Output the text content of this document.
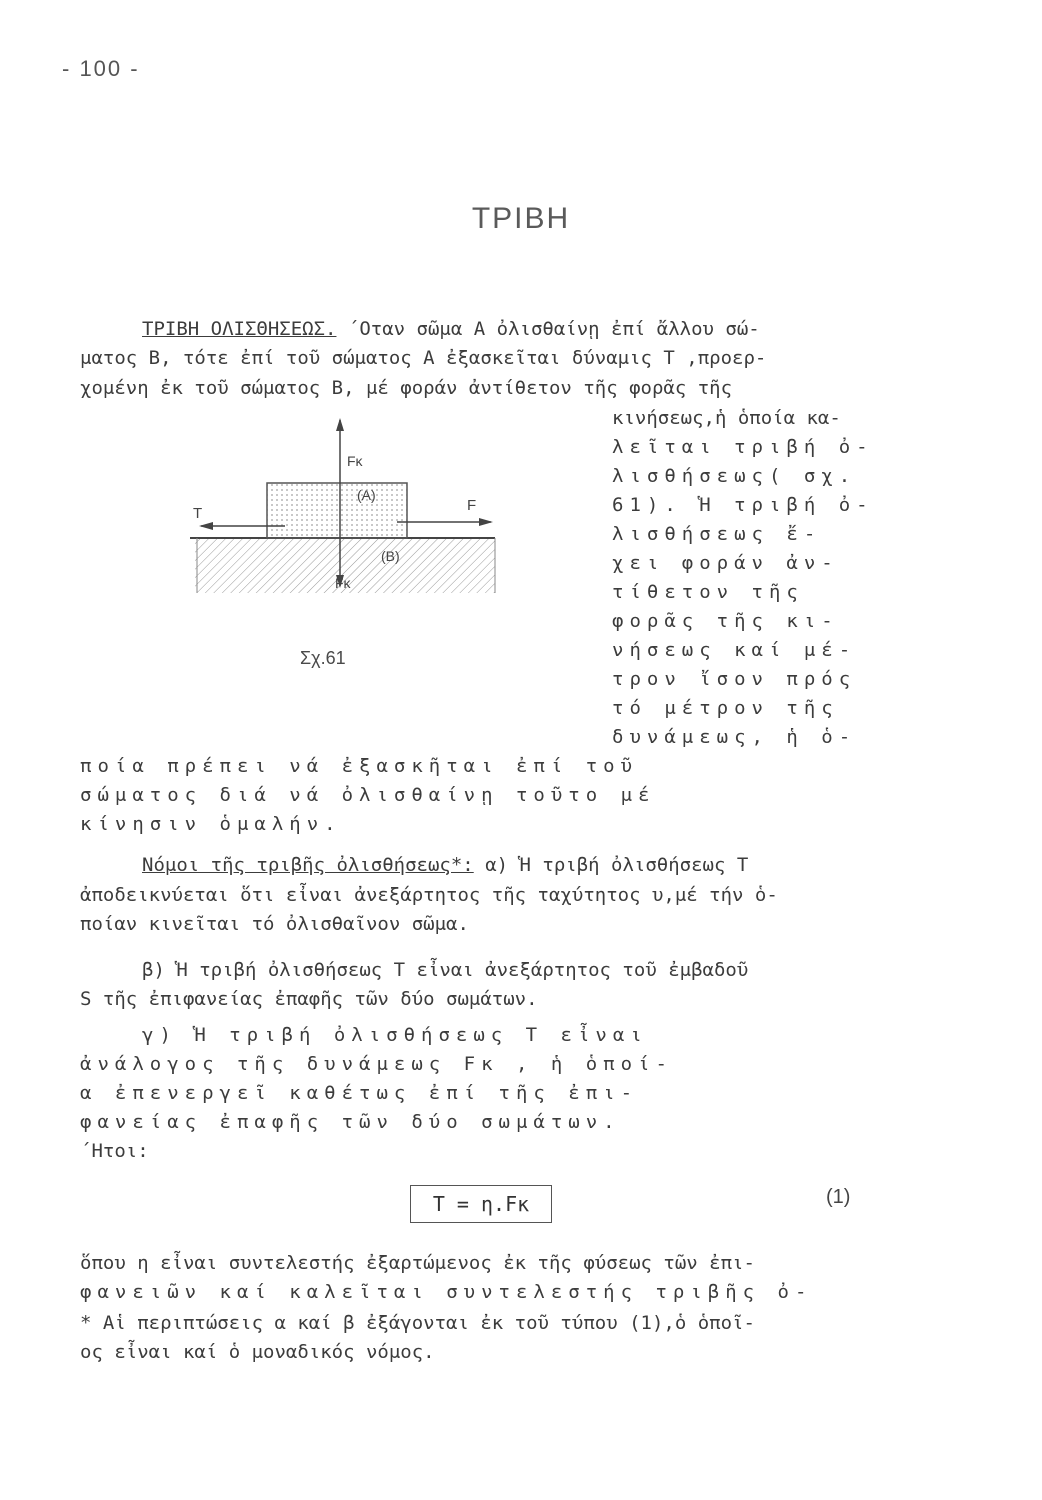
- 100 -
ΤΡΙΒΗ
ΤΡΙΒΗ ΟΛΙΣΘΗΣΕΩΣ. ΄Οταν σῶμα Α ὀλισθαίνῃ ἐπί ἄλλου σώ-
ματος Β, τότε ἐπί τοῦ σώματος Α ἐξασκεῖται δύναμις Τ ,προερ-
χομένη ἐκ τοῦ σώματος Β, μέ φοράν ἀντίθετον τῆς φορᾶς τῆς
κινήσεως,ἡ ὁποία κα-
λεῖται τριβή ὀ-
λισθήσεως( σχ.
61). Ἡ τριβή ὀ-
λισθήσεως ἔ-
χει φοράν ἀν-
τίθετον τῆς
φορᾶς τῆς κι-
νήσεως καί μέ-
τρον ἴσον πρός
τό μέτρον τῆς
δυνάμεως, ἡ ὁ-
Fκ
(Α)
(Β)
Fκ
T	F
Σχ.61
ποία πρέπει νά ἐξασκῆται ἐπί τοῦ
σώματος διά νά ὀλισθαίνῃ τοῦτο μέ
κίνησιν ὁμαλήν.
Νόμοι τῆς τριβῆς ὀλισθήσεως*: α) Ἡ τριβή ὀλισθήσεως Τ
ἀποδεικνύεται ὅτι εἶναι ἀνεξάρτητος τῆς ταχύτητος υ,μέ τήν ὁ-
ποίαν κινεῖται τό ὀλισθαῖνον σῶμα.
β) Ἡ τριβή ὀλισθήσεως Τ εἶναι ἀνεξάρτητος τοῦ ἐμβαδοῦ
S τῆς ἐπιφανείας ἐπαφῆς τῶν δύο σωμάτων.
γ) Ἡ τριβή ὀλισθήσεως Τ εἶναι
ἀνάλογος τῆς δυνάμεως Fκ , ἡ ὁποί-
α ἐπενεργεῖ καθέτως ἐπί τῆς ἐπι-
φανείας ἐπαφῆς τῶν δύο σωμάτων.
΄Ητοι:
T = η.Fκ	(1)
ὅπου η εἶναι συντελεστής ἐξαρτώμενος ἐκ τῆς φύσεως τῶν ἐπι-
φανειῶν καί καλεῖται συντελεστής τριβῆς ὀ-
* Αἱ περιπτώσεις α καί β ἐξάγονται ἐκ τοῦ τύπου (1),ὁ ὁποῖ-
ος εἶναι καί ὁ μοναδικός νόμος.
